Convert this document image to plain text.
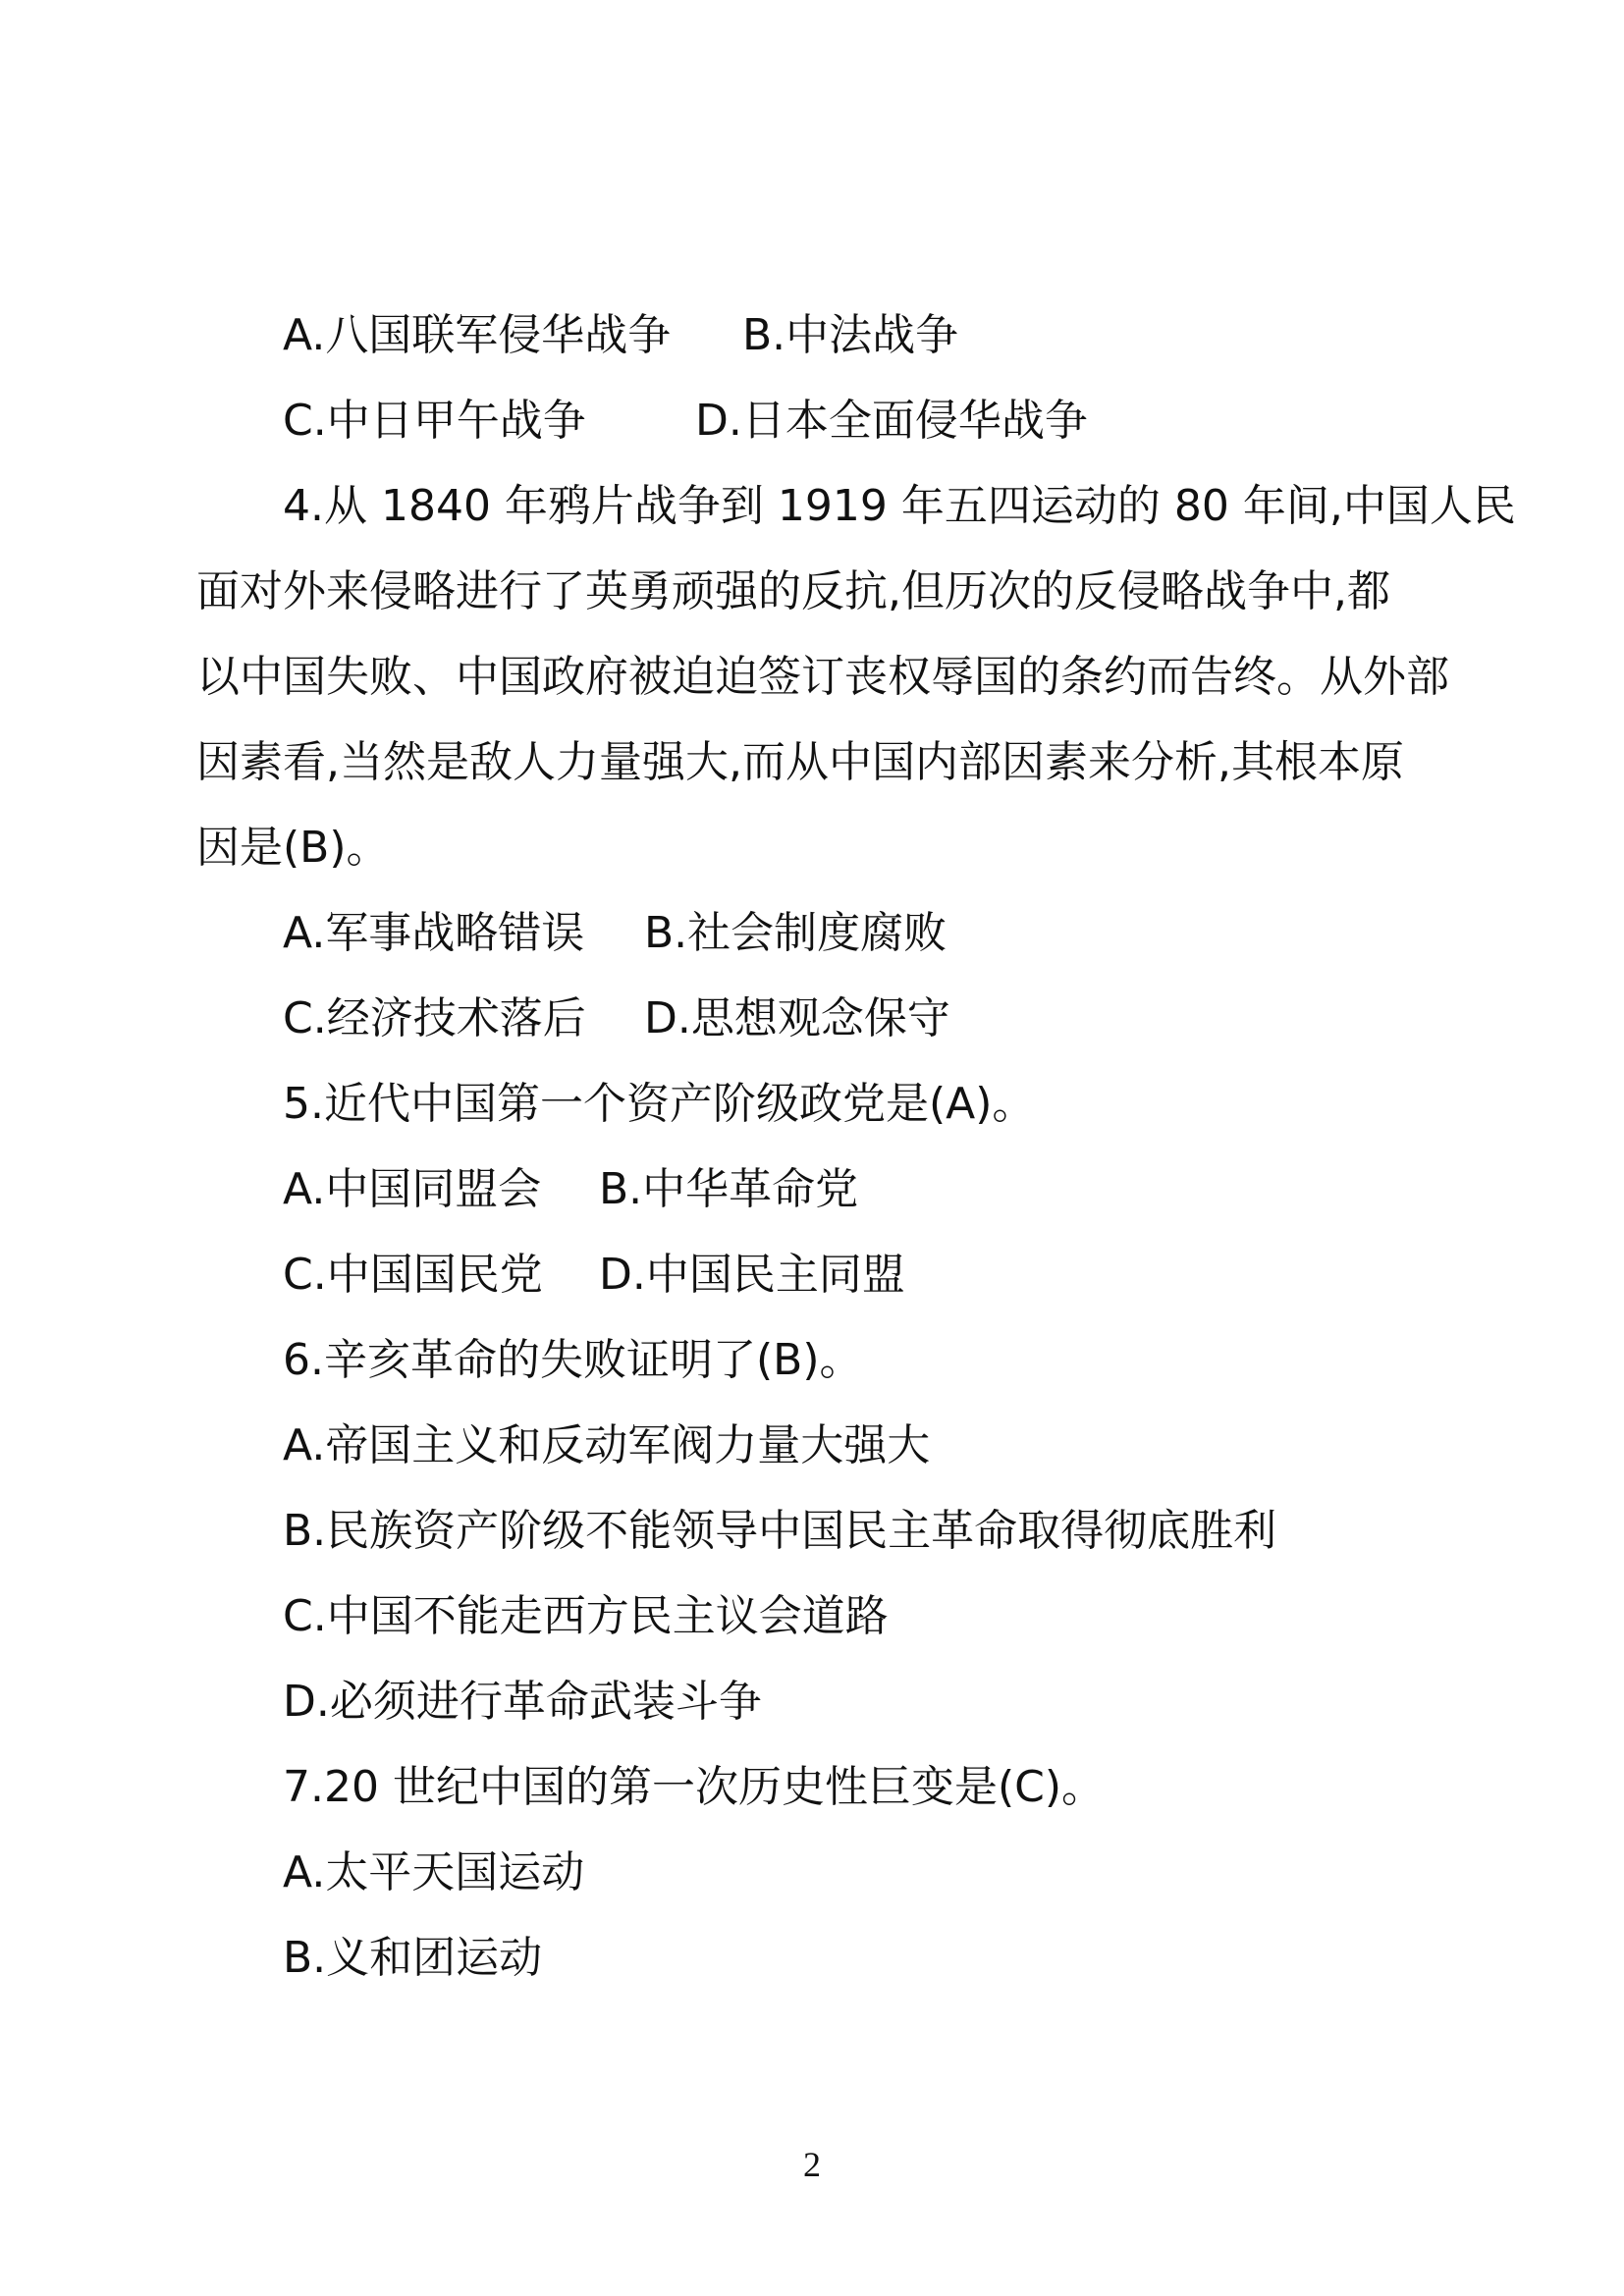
A.八国联军侵华战争 B.中法战争
C.中日甲午战争	D.日本全面侵华战争
4.从 1840 年鸦片战争到 1919 年五四运动的 80 年间,中国人民
面对外来侵略进行了英勇顽强的反抗,但历次的反侵略战争中,都
以中国失败、中国政府被迫迫签订丧权辱国的条约而告终。从外部
因素看,当然是敌人力量强大,而从中国内部因素来分析,其根本原
因是(B)。
A.军事战略错误 B.社会制度腐败
C.经济技术落后 D.思想观念保守
5.近代中国第一个资产阶级政党是(A)。
A.中国同盟会 B.中华革命党
C.中国国民党 D.中国民主同盟
6.辛亥革命的失败证明了(B)。
A.帝国主义和反动军阀力量大强大
B.民族资产阶级不能领导中国民主革命取得彻底胜利
C.中国不能走西方民主议会道路
D.必须进行革命武装斗争
7.20 世纪中国的第一次历史性巨变是(C)。
A.太平天国运动
B.义和团运动
2
